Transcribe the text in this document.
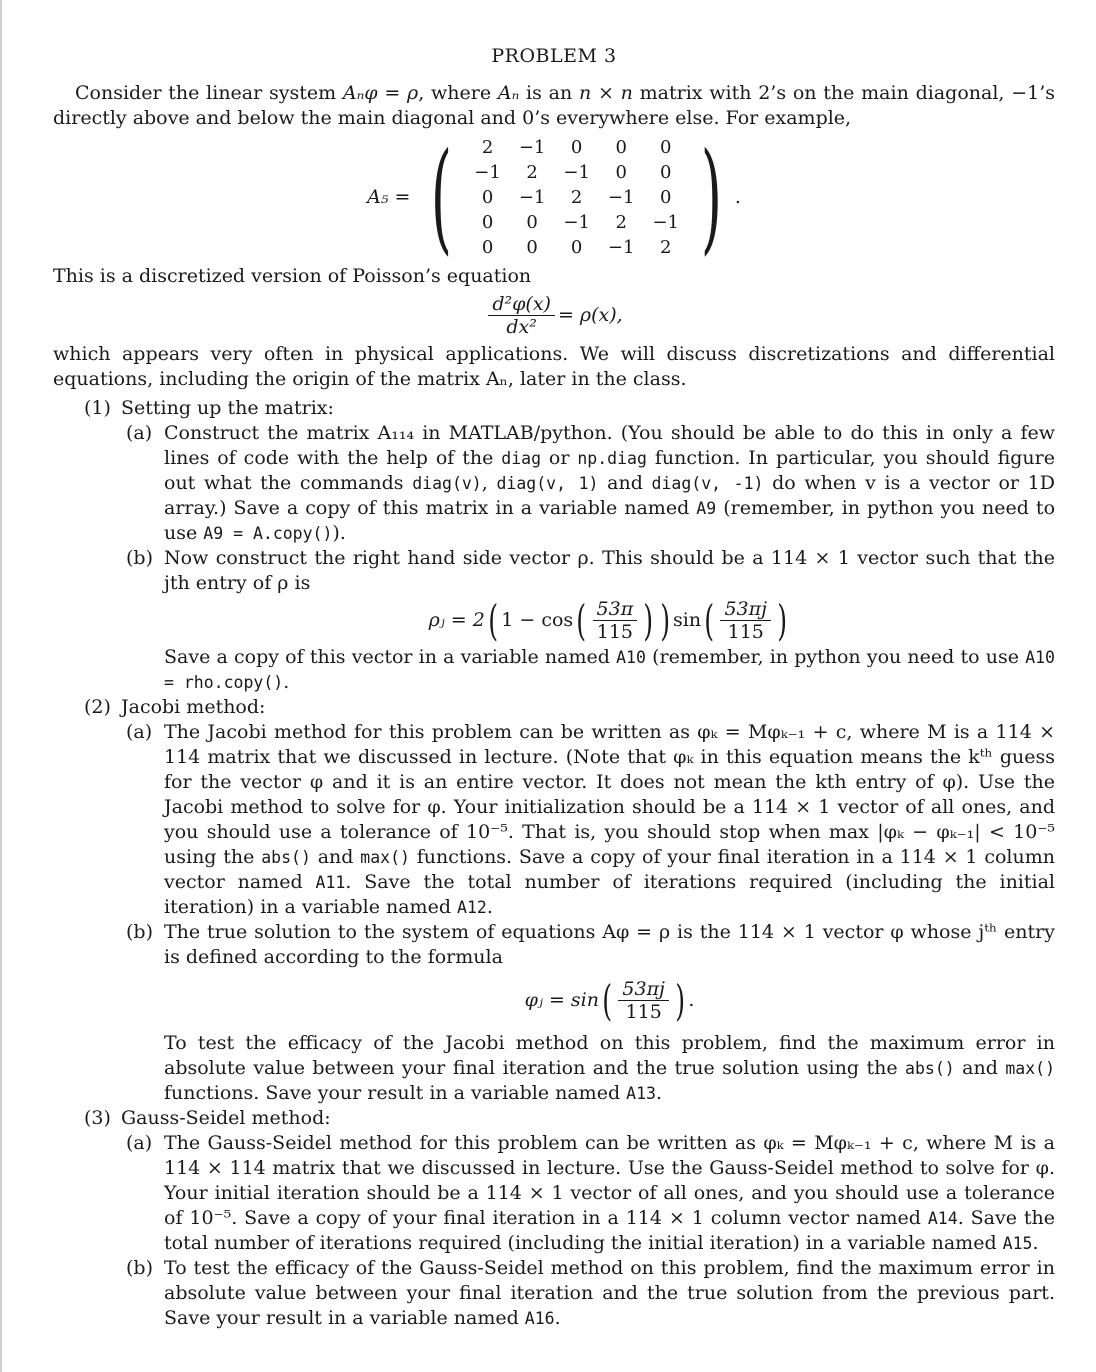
PROBLEM 3

Consider the linear system Aₙφ = ρ, where Aₙ is an n × n matrix with 2’s on the main diagonal, −1’s directly above and below the main diagonal and 0’s everywhere else. For example,

A₅ = ( 2	−1	0	0	0
−1	2	−1	0	0
0	−1	2	−1	0
0	0	−1	2	−1
0	0	0	−1	2 ) .

This is a discretized version of Poisson’s equation

$\frac{\text{d²φ(x)}}{\text{dx²}} = \rho(x)$,

which appears very often in physical applications. We will discuss discretizations and differential equations, including the origin of the matrix Aₙ, later in the class.

(1) Setting up the matrix:
(a) Construct the matrix A₁₁₄ in MATLAB/python. (You should be able to do this in only a few lines of code with the help of the diag or np.diag function. In particular, you should figure out what the commands diag(v), diag(v, 1) and diag(v, -1) do when v is a vector or 1D array.) Save a copy of this matrix in a variable named A9 (remember, in python you need to use A9 = A.copy()).

(b) Now construct the right hand side vector ρ. This should be a 114 × 1 vector such that the jth entry of ρ is

ρⱼ = 2 ( 1 − cos ( $\frac{53\pi}{115}$ ) ) sin ( $\frac{53\pi j}{115}$ )

Save a copy of this vector in a variable named A10 (remember, in python you need to use A10 = rho.copy().

(2) Jacobi method:
(a) The Jacobi method for this problem can be written as φₖ = Mφₖ₋₁ + c, where M is a 114 × 114 matrix that we discussed in lecture. (Note that φₖ in this equation means the kᵗʰ guess for the vector φ and it is an entire vector. It does not mean the kth entry of φ). Use the Jacobi method to solve for φ. Your initialization should be a 114 × 1 vector of all ones, and you should use a tolerance of 10⁻⁵. That is, you should stop when max |φₖ − φₖ₋₁| < 10⁻⁵ using the abs() and max() functions. Save a copy of your final iteration in a 114 × 1 column vector named A11. Save the total number of iterations required (including the initial iteration) in a variable named A12.

(b) The true solution to the system of equations Aφ = ρ is the 114 × 1 vector φ whose jᵗʰ entry is defined according to the formula

φⱼ = sin ( $\frac{53\pi j}{115}$ ) .

To test the efficacy of the Jacobi method on this problem, find the maximum error in absolute value between your final iteration and the true solution using the abs() and max() functions. Save your result in a variable named A13.

(3) Gauss-Seidel method:
(a) The Gauss-Seidel method for this problem can be written as φₖ = Mφₖ₋₁ + c, where M is a 114 × 114 matrix that we discussed in lecture. Use the Gauss-Seidel method to solve for φ. Your initial iteration should be a 114 × 1 vector of all ones, and you should use a tolerance of 10⁻⁵. Save a copy of your final iteration in a 114 × 1 column vector named A14. Save the total number of iterations required (including the initial iteration) in a variable named A15.

(b) To test the efficacy of the Gauss-Seidel method on this problem, find the maximum error in absolute value between your final iteration and the true solution from the previous part. Save your result in a variable named A16.
